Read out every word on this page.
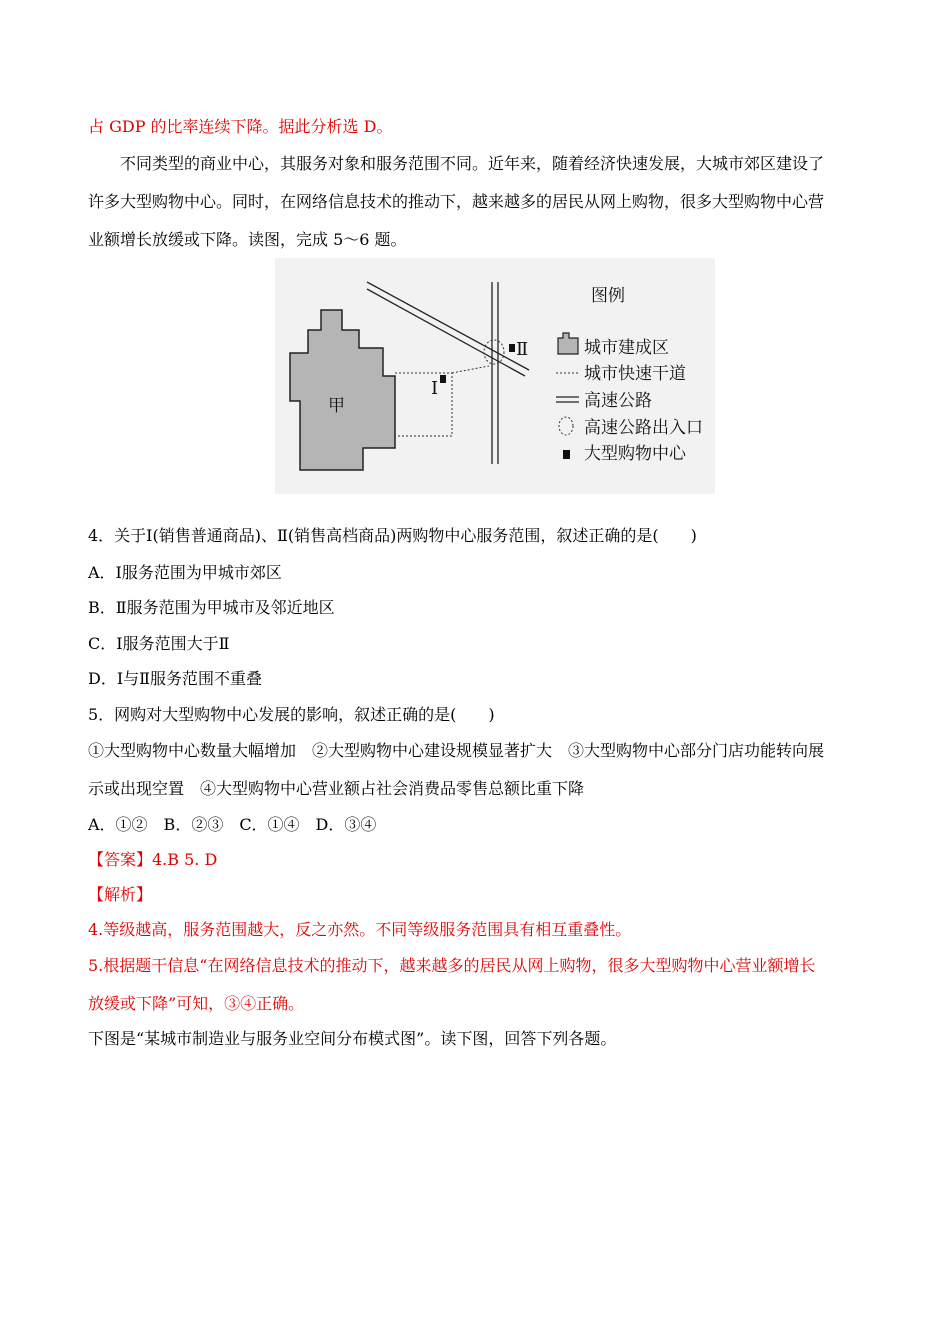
占 GDP 的比率连续下降。据此分析选 D。
不同类型的商业中心，其服务对象和服务范围不同。近年来，随着经济快速发展，大城市郊区建设了
许多大型购物中心。同时，在网络信息技术的推动下，越来越多的居民从网上购物，很多大型购物中心营
业额增长放缓或下降。读图，完成 5～6 题。
甲
Ⅰ
Ⅱ
图例
城市建成区
城市快速干道
高速公路
高速公路出入口
大型购物中心
4．关于Ⅰ(销售普通商品)、Ⅱ(销售高档商品)两购物中心服务范围，叙述正确的是(　　)
A．Ⅰ服务范围为甲城市郊区
B．Ⅱ服务范围为甲城市及邻近地区
C．Ⅰ服务范围大于Ⅱ
D．Ⅰ与Ⅱ服务范围不重叠
5．网购对大型购物中心发展的影响，叙述正确的是(　　)
①大型购物中心数量大幅增加　②大型购物中心建设规模显著扩大　③大型购物中心部分门店功能转向展
示或出现空置　④大型购物中心营业额占社会消费品零售总额比重下降
A．①②　B．②③　C．①④　D．③④
【答案】4.B 5. D
【解析】
4.等级越高，服务范围越大，反之亦然。不同等级服务范围具有相互重叠性。
5.根据题干信息“在网络信息技术的推动下，越来越多的居民从网上购物，很多大型购物中心营业额增长
放缓或下降”可知，③④正确。
下图是“某城市制造业与服务业空间分布模式图”。读下图，回答下列各题。
